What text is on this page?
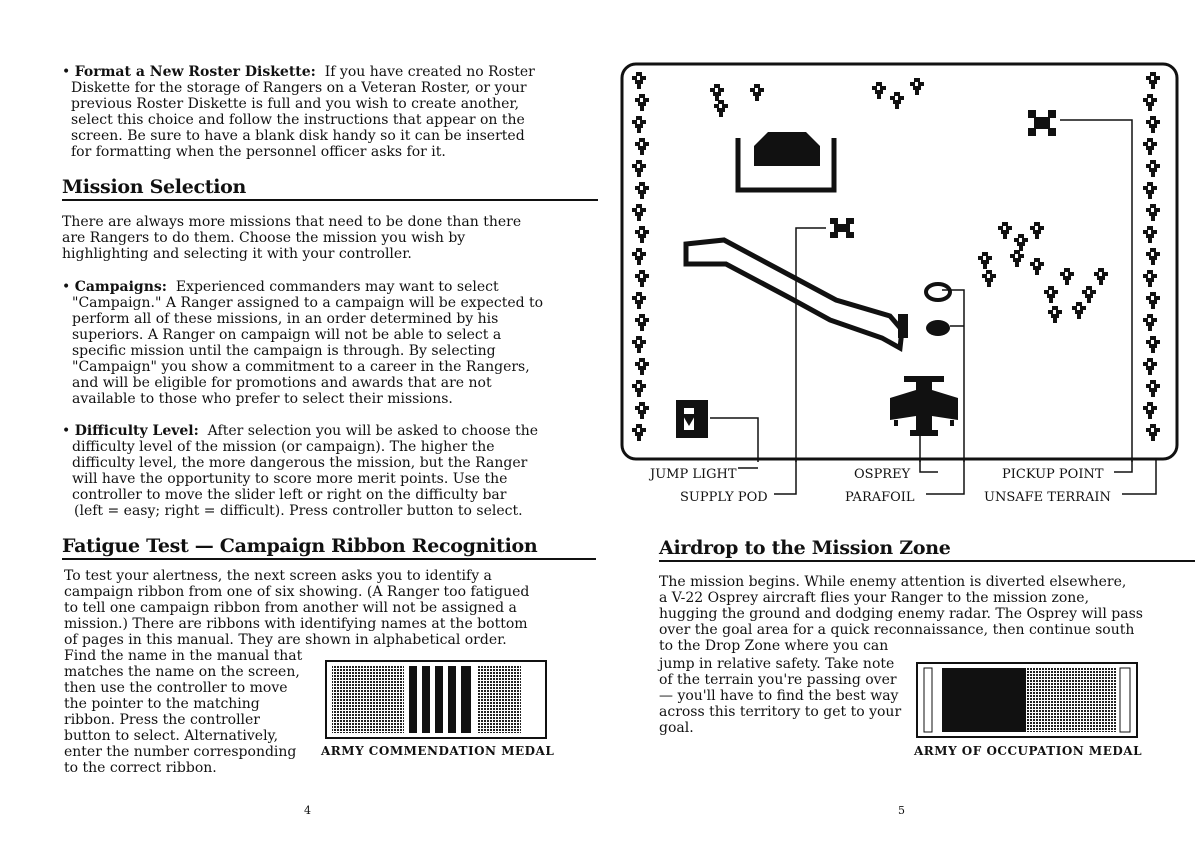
• Format a New Roster Diskette: If you have created no Roster
Diskette for the storage of Rangers on a Veteran Roster, or your
previous Roster Diskette is full and you wish to create another,
select this choice and follow the instructions that appear on the
screen. Be sure to have a blank disk handy so it can be inserted
for formatting when the personnel officer asks for it.
Mission Selection
There are always more missions that need to be done than there
are Rangers to do them. Choose the mission you wish by
highlighting and selecting it with your controller.
• Campaigns: Experienced commanders may want to select
"Campaign." A Ranger assigned to a campaign will be expected to
perform all of these missions, in an order determined by his
superiors. A Ranger on campaign will not be able to select a
specific mission until the campaign is through. By selecting
"Campaign" you show a commitment to a career in the Rangers,
and will be eligible for promotions and awards that are not
available to those who prefer to select their missions.
• Difficulty Level: After selection you will be asked to choose the
difficulty level of the mission (or campaign). The higher the
difficulty level, the more dangerous the mission, but the Ranger
will have the opportunity to score more merit points. Use the
controller to move the slider left or right on the difficulty bar
(left = easy; right = difficult). Press controller button to select.
Fatigue Test — Campaign Ribbon Recognition
To test your alertness, the next screen asks you to identify a
campaign ribbon from one of six showing. (A Ranger too fatigued
to tell one campaign ribbon from another will not be assigned a
mission.) There are ribbons with identifying names at the bottom
of pages in this manual. They are shown in alphabetical order.
Find the name in the manual that
matches the name on the screen,
then use the controller to move
the pointer to the matching
ribbon. Press the controller
button to select. Alternatively,
enter the number corresponding
to the correct ribbon.
ARMY COMMENDATION MEDAL
4
JUMP LIGHT
SUPPLY POD
OSPREY
PARAFOIL
PICKUP POINT
UNSAFE TERRAIN
Airdrop to the Mission Zone
The mission begins. While enemy attention is diverted elsewhere,
a V-22 Osprey aircraft flies your Ranger to the mission zone,
hugging the ground and dodging enemy radar. The Osprey will pass
over the goal area for a quick reconnaissance, then continue south
to the Drop Zone where you can
jump in relative safety. Take note
of the terrain you're passing over
— you'll have to find the best way
across this territory to get to your
goal.
ARMY OF OCCUPATION MEDAL
5
